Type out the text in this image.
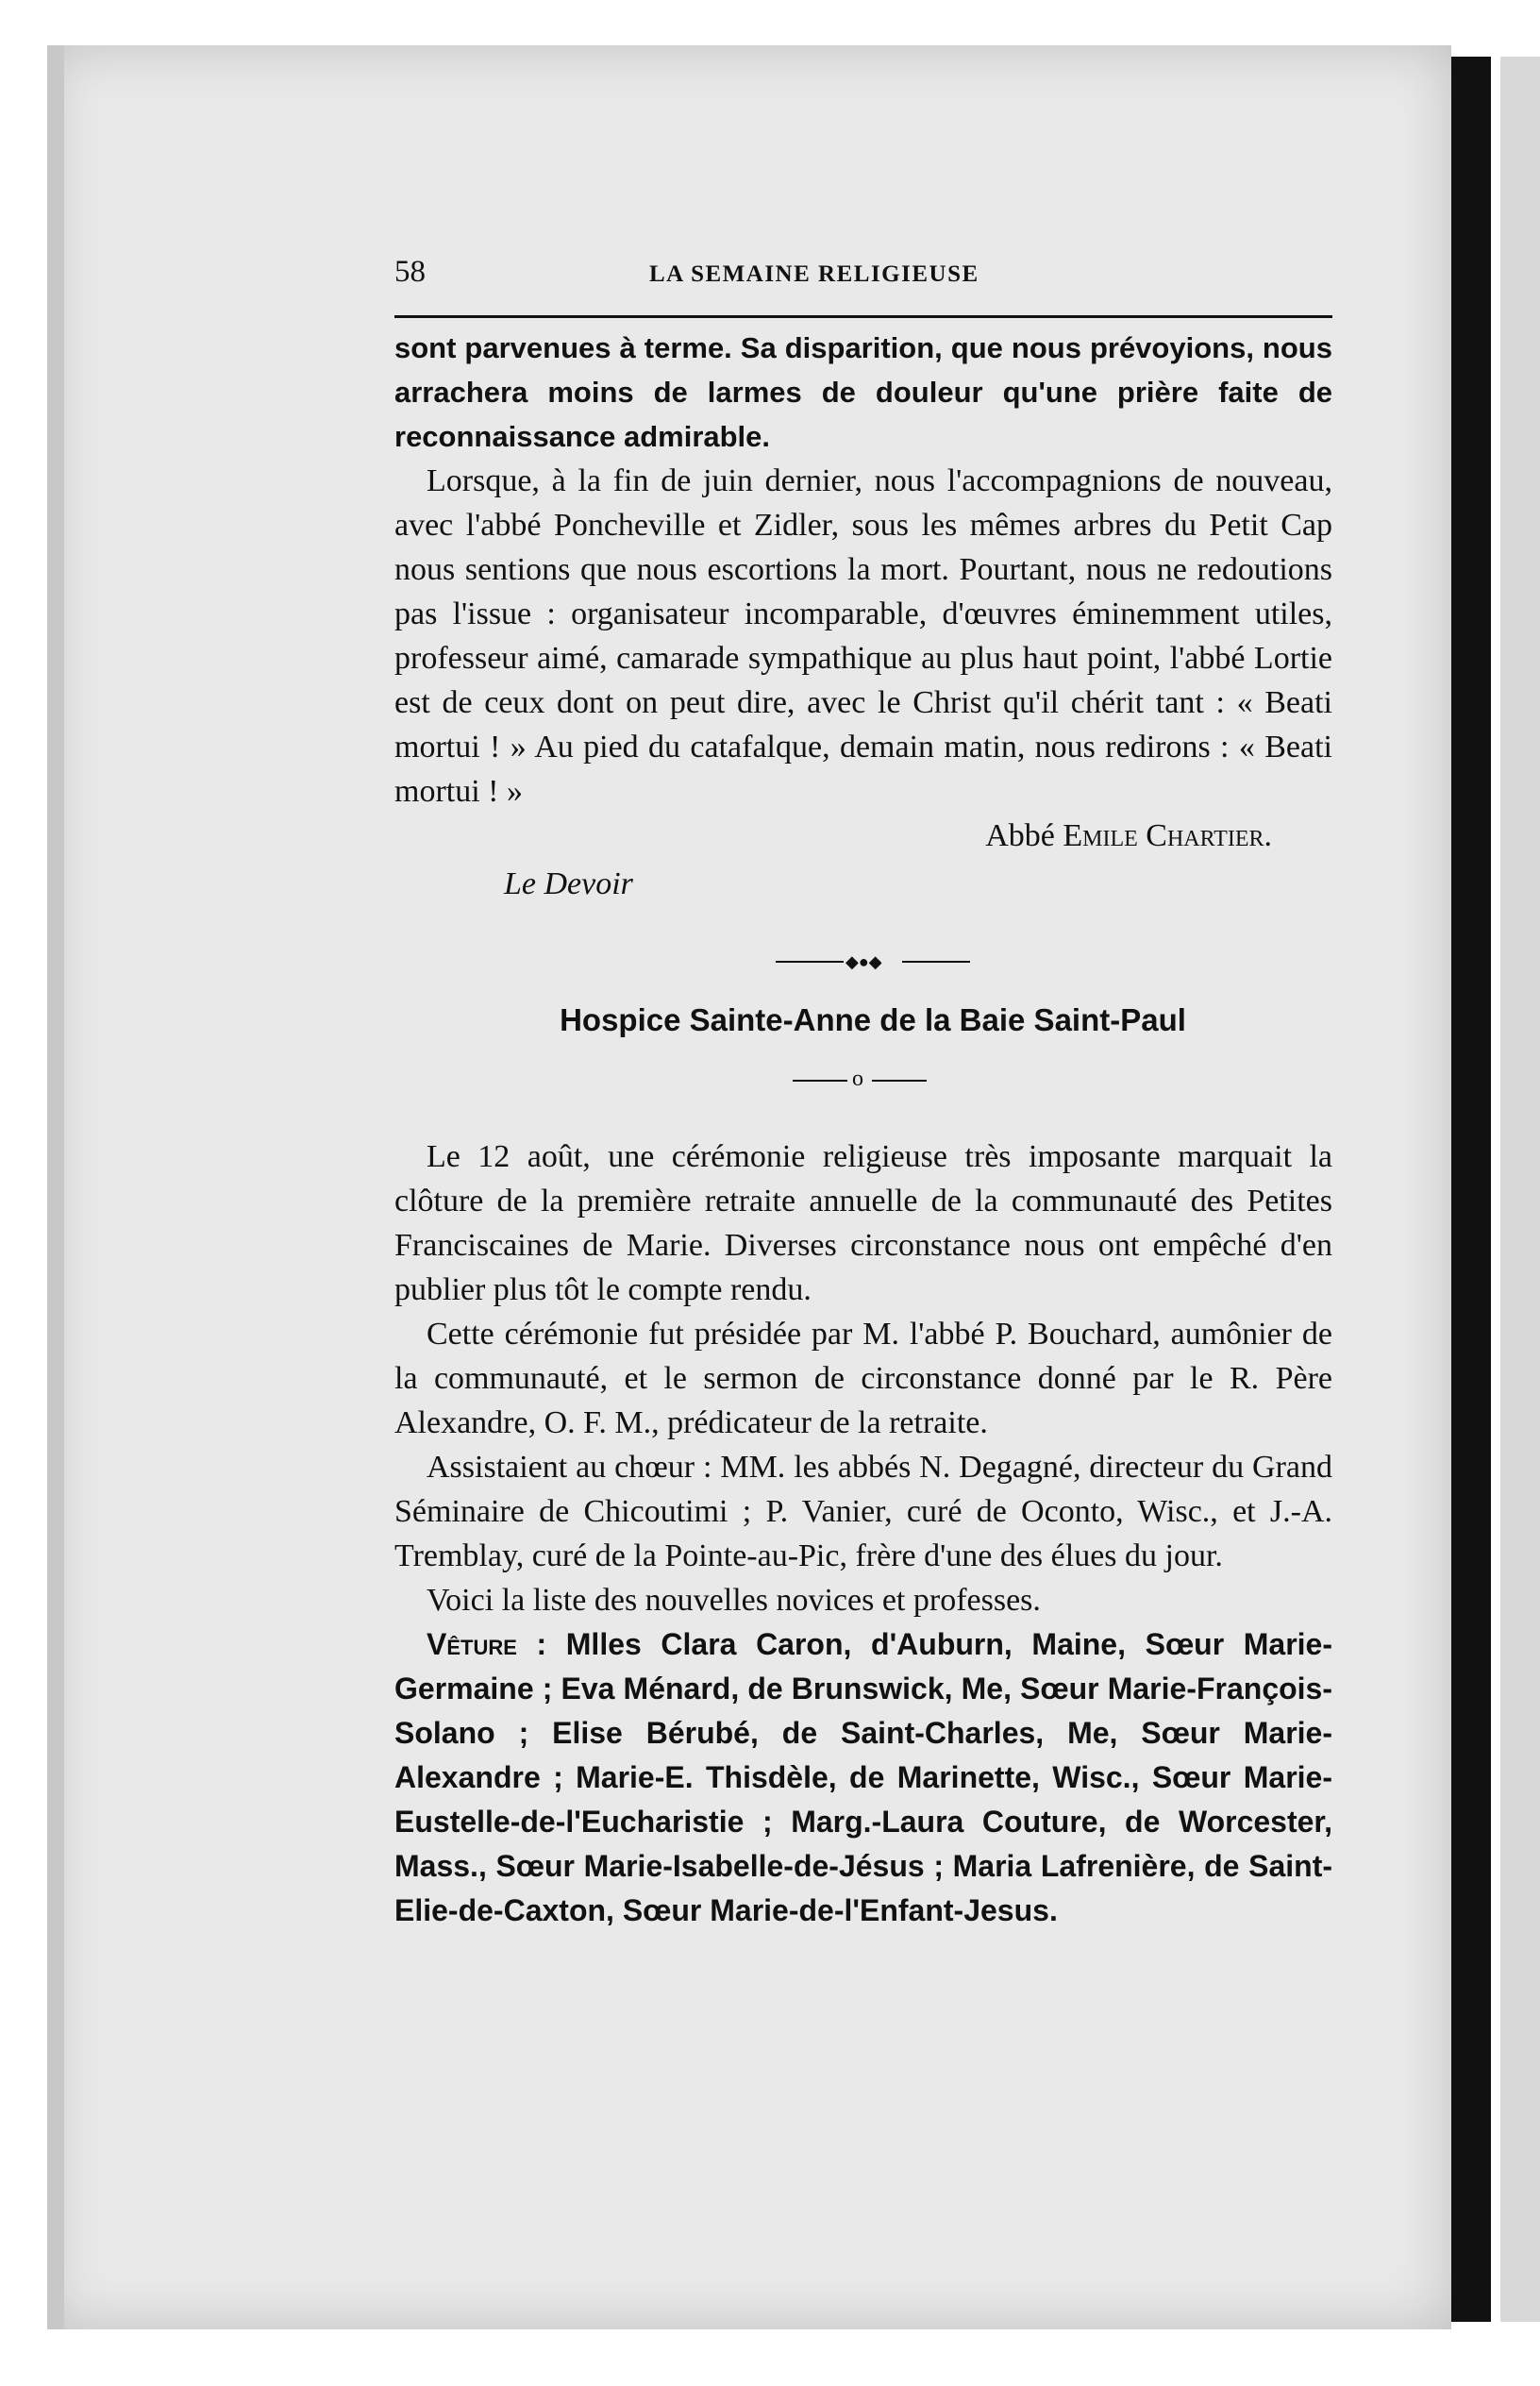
58	LA SEMAINE RELIGIEUSE

sont parvenues à terme. Sa disparition, que nous prévoyions, nous arrachera moins de larmes de douleur qu'une prière faite de reconnaissance admirable.

Lorsque, à la fin de juin dernier, nous l'accompagnions de nouveau, avec l'abbé Poncheville et Zidler, sous les mêmes arbres du Petit Cap nous sentions que nous escortions la mort. Pourtant, nous ne redoutions pas l'issue : organisateur incomparable, d'œuvres éminemment utiles, professeur aimé, camarade sympathique au plus haut point, l'abbé Lortie est de ceux dont on peut dire, avec le Christ qu'il chérit tant : « Beati mortui ! » Au pied du catafalque, demain matin, nous redirons : « Beati mortui ! »

Abbé Emile Chartier.
Le Devoir
◆●◆
Hospice Sainte-Anne de la Baie Saint-Paul
o

Le 12 août, une cérémonie religieuse très imposante marquait la clôture de la première retraite annuelle de la communauté des Petites Franciscaines de Marie. Diverses circonstance nous ont empêché d'en publier plus tôt le compte rendu.

Cette cérémonie fut présidée par M. l'abbé P. Bouchard, aumônier de la communauté, et le sermon de circonstance donné par le R. Père Alexandre, O. F. M., prédicateur de la retraite.

Assistaient au chœur : MM. les abbés N. Degagné, directeur du Grand Séminaire de Chicoutimi ; P. Vanier, curé de Oconto, Wisc., et J.-A. Tremblay, curé de la Pointe-au-Pic, frère d'une des élues du jour.

Voici la liste des nouvelles novices et professes.

Vêture : Mlles Clara Caron, d'Auburn, Maine, Sœur Marie-Germaine ; Eva Ménard, de Brunswick, Me, Sœur Marie-François-Solano ; Elise Bérubé, de Saint-Charles, Me, Sœur Marie-Alexandre ; Marie-E. Thisdèle, de Marinette, Wisc., Sœur Marie-Eustelle-de-l'Eucharistie ; Marg.-Laura Couture, de Worcester, Mass., Sœur Marie-Isabelle-de-Jésus ; Maria Lafrenière, de Saint-Elie-de-Caxton, Sœur Marie-de-l'Enfant-Jesus.
